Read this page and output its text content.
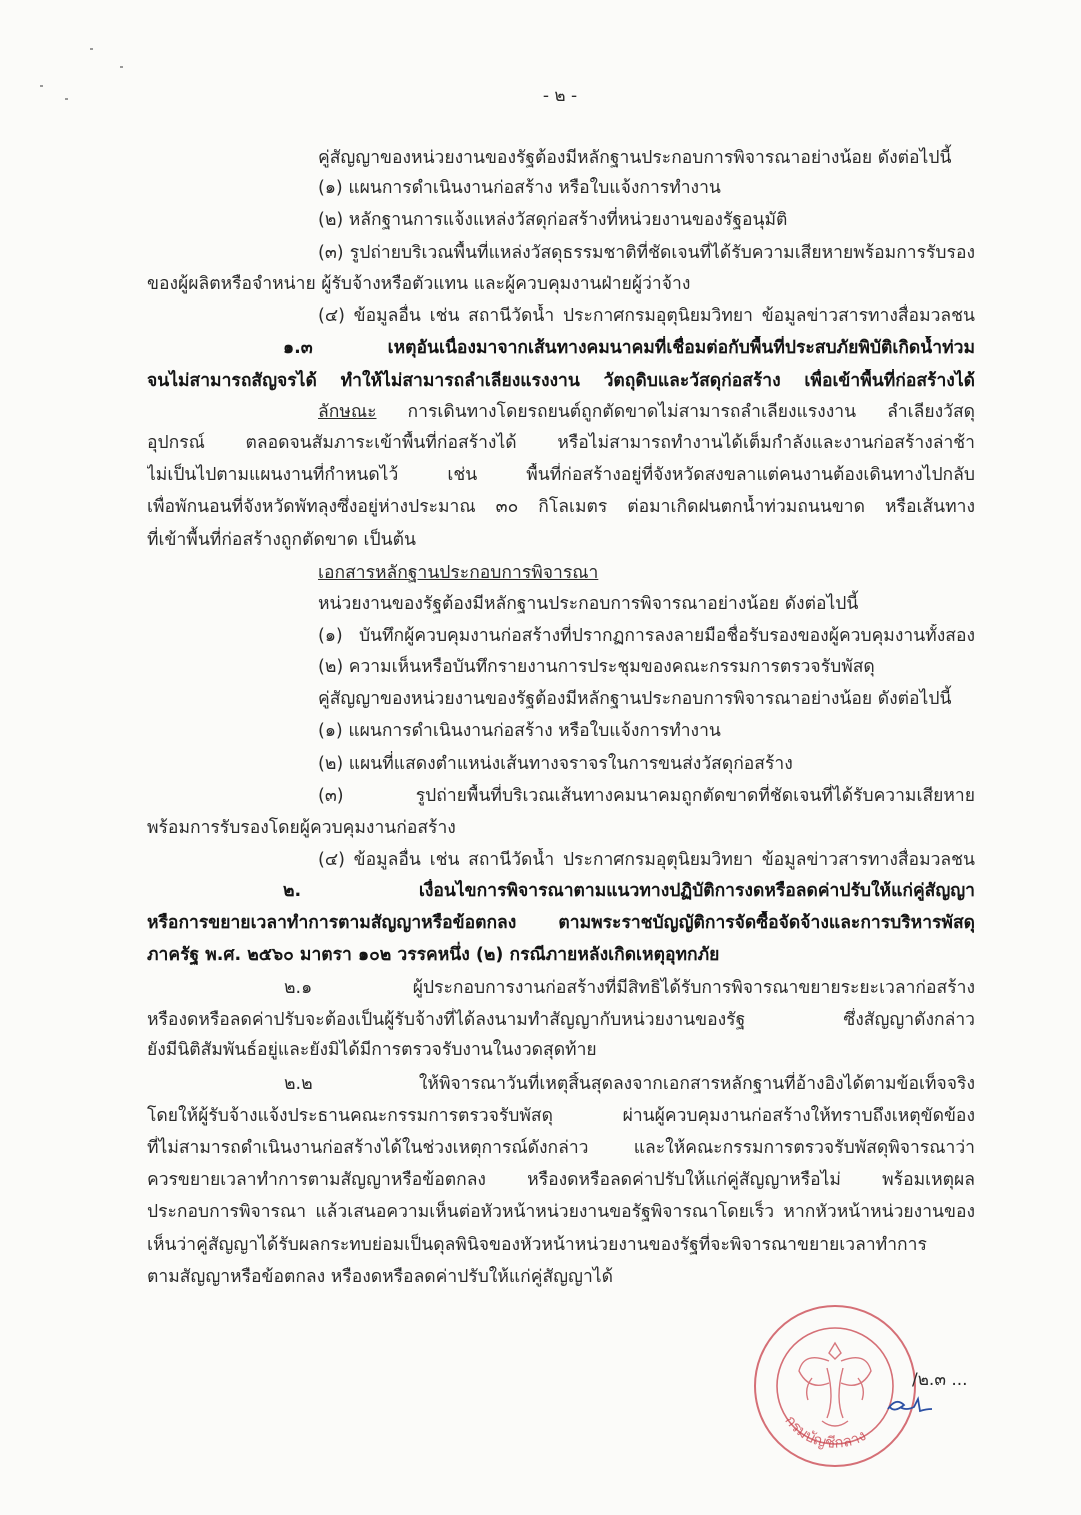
- ๒ -
คู่สัญญาของหน่วยงานของรัฐต้องมีหลักฐานประกอบการพิจารณาอย่างน้อย ดังต่อไปนี้
(๑) แผนการดำเนินงานก่อสร้าง หรือใบแจ้งการทำงาน
(๒) หลักฐานการแจ้งแหล่งวัสดุก่อสร้างที่หน่วยงานของรัฐอนุมัติ
(๓) รูปถ่ายบริเวณพื้นที่แหล่งวัสดุธรรมชาติที่ชัดเจนที่ได้รับความเสียหายพร้อมการรับรอง
ของผู้ผลิตหรือจำหน่าย ผู้รับจ้างหรือตัวแทน และผู้ควบคุมงานฝ่ายผู้ว่าจ้าง
(๔) ข้อมูลอื่น เช่น สถานีวัดน้ำ ประกาศกรมอุตุนิยมวิทยา ข้อมูลข่าวสารทางสื่อมวลชน
๑.๓ เหตุอันเนื่องมาจากเส้นทางคมนาคมที่เชื่อมต่อกับพื้นที่ประสบภัยพิบัติเกิดน้ำท่วม
จนไม่สามารถสัญจรได้ ทำให้ไม่สามารถลำเลียงแรงงาน วัตถุดิบและวัสดุก่อสร้าง เพื่อเข้าพื้นที่ก่อสร้างได้
ลักษณะ การเดินทางโดยรถยนต์ถูกตัดขาดไม่สามารถลำเลียงแรงงาน ลำเลียงวัสดุ
อุปกรณ์ ตลอดจนสัมภาระเข้าพื้นที่ก่อสร้างได้ หรือไม่สามารถทำงานได้เต็มกำลังและงานก่อสร้างล่าช้า
ไม่เป็นไปตามแผนงานที่กำหนดไว้ เช่น พื้นที่ก่อสร้างอยู่ที่จังหวัดสงขลาแต่คนงานต้องเดินทางไปกลับ
เพื่อพักนอนที่จังหวัดพัทลุงซึ่งอยู่ห่างประมาณ ๓๐ กิโลเมตร ต่อมาเกิดฝนตกน้ำท่วมถนนขาด หรือเส้นทาง
ที่เข้าพื้นที่ก่อสร้างถูกตัดขาด เป็นต้น
เอกสารหลักฐานประกอบการพิจารณา
หน่วยงานของรัฐต้องมีหลักฐานประกอบการพิจารณาอย่างน้อย ดังต่อไปนี้
(๑) บันทึกผู้ควบคุมงานก่อสร้างที่ปรากฏการลงลายมือชื่อรับรองของผู้ควบคุมงานทั้งสอง
(๒) ความเห็นหรือบันทึกรายงานการประชุมของคณะกรรมการตรวจรับพัสดุ
คู่สัญญาของหน่วยงานของรัฐต้องมีหลักฐานประกอบการพิจารณาอย่างน้อย ดังต่อไปนี้
(๑) แผนการดำเนินงานก่อสร้าง หรือใบแจ้งการทำงาน
(๒) แผนที่แสดงตำแหน่งเส้นทางจราจรในการขนส่งวัสดุก่อสร้าง
(๓) รูปถ่ายพื้นที่บริเวณเส้นทางคมนาคมถูกตัดขาดที่ชัดเจนที่ได้รับความเสียหาย
พร้อมการรับรองโดยผู้ควบคุมงานก่อสร้าง
(๔) ข้อมูลอื่น เช่น สถานีวัดน้ำ ประกาศกรมอุตุนิยมวิทยา ข้อมูลข่าวสารทางสื่อมวลชน
๒. เงื่อนไขการพิจารณาตามแนวทางปฏิบัติการงดหรือลดค่าปรับให้แก่คู่สัญญา
หรือการขยายเวลาทำการตามสัญญาหรือข้อตกลง ตามพระราชบัญญัติการจัดซื้อจัดจ้างและการบริหารพัสดุ
ภาครัฐ พ.ศ. ๒๕๖๐ มาตรา ๑๐๒ วรรคหนึ่ง (๒) กรณีภายหลังเกิดเหตุอุทกภัย
๒.๑ ผู้ประกอบการงานก่อสร้างที่มีสิทธิได้รับการพิจารณาขยายระยะเวลาก่อสร้าง
หรืองดหรือลดค่าปรับจะต้องเป็นผู้รับจ้างที่ได้ลงนามทำสัญญากับหน่วยงานของรัฐ ซึ่งสัญญาดังกล่าว
ยังมีนิติสัมพันธ์อยู่และยังมิได้มีการตรวจรับงานในงวดสุดท้าย
๒.๒ ให้พิจารณาวันที่เหตุสิ้นสุดลงจากเอกสารหลักฐานที่อ้างอิงได้ตามข้อเท็จจริง
โดยให้ผู้รับจ้างแจ้งประธานคณะกรรมการตรวจรับพัสดุ ผ่านผู้ควบคุมงานก่อสร้างให้ทราบถึงเหตุขัดข้อง
ที่ไม่สามารถดำเนินงานก่อสร้างได้ในช่วงเหตุการณ์ดังกล่าว และให้คณะกรรมการตรวจรับพัสดุพิจารณาว่า
ควรขยายเวลาทำการตามสัญญาหรือข้อตกลง หรืองดหรือลดค่าปรับให้แก่คู่สัญญาหรือไม่ พร้อมเหตุผล
ประกอบการพิจารณา แล้วเสนอความเห็นต่อหัวหน้าหน่วยงานขอรัฐพิจารณาโดยเร็ว หากหัวหน้าหน่วยงานของ
เห็นว่าคู่สัญญาได้รับผลกระทบย่อมเป็นดุลพินิจของหัวหน้าหน่วยงานของรัฐที่จะพิจารณาขยายเวลาทำการ
ตามสัญญาหรือข้อตกลง หรืองดหรือลดค่าปรับให้แก่คู่สัญญาได้
กรมบัญชีกลาง
/๒.๓ ...
